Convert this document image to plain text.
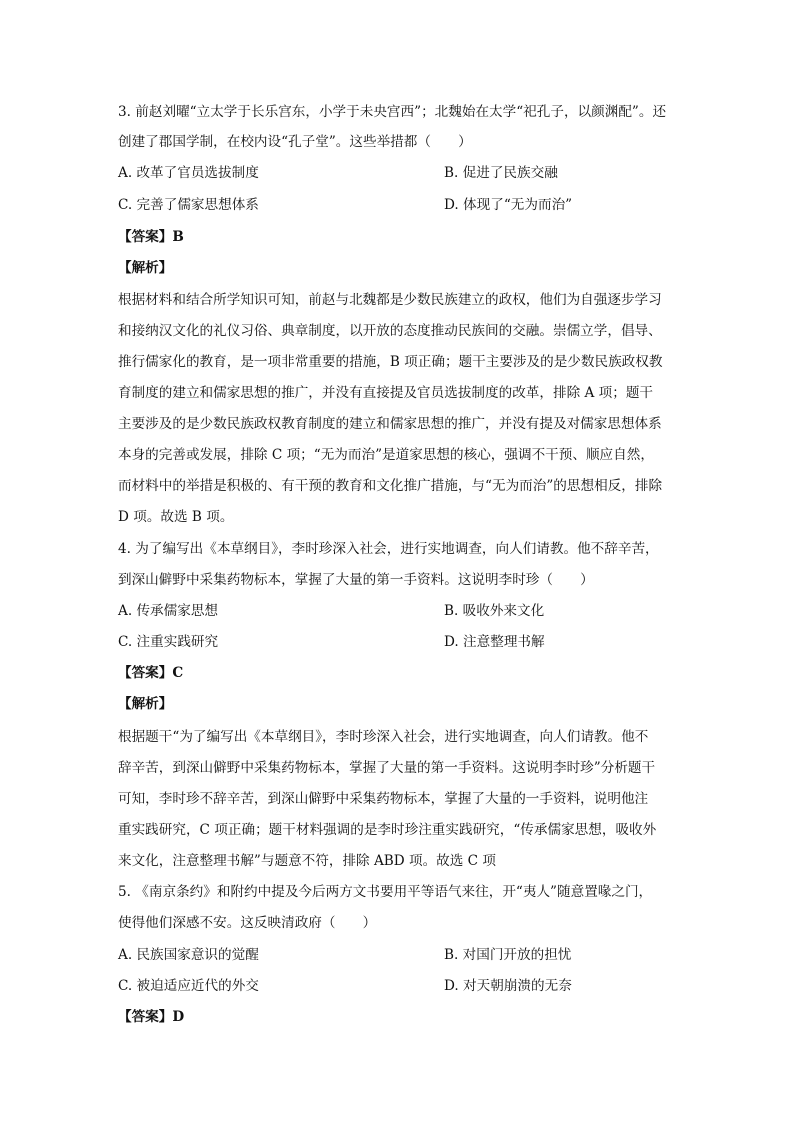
3. 前赵刘曜“立太学于长乐宫东，小学于未央宫西”；北魏始在太学“祀孔子，以颜渊配”。还
创建了郡国学制，在校内设“孔子堂”。这些举措都（　　）
A. 改革了官员选拔制度	B. 促进了民族交融
C. 完善了儒家思想体系	D. 体现了“无为而治”
【答案】B
【解析】
根据材料和结合所学知识可知，前赵与北魏都是少数民族建立的政权，他们为自强逐步学习
和接纳汉文化的礼仪习俗、典章制度，以开放的态度推动民族间的交融。崇儒立学，倡导、
推行儒家化的教育，是一项非常重要的措施，B 项正确；题干主要涉及的是少数民族政权教
育制度的建立和儒家思想的推广，并没有直接提及官员选拔制度的改革，排除 A 项；题干
主要涉及的是少数民族政权教育制度的建立和儒家思想的推广，并没有提及对儒家思想体系
本身的完善或发展，排除 C 项；“无为而治”是道家思想的核心，强调不干预、顺应自然，
而材料中的举措是积极的、有干预的教育和文化推广措施，与“无为而治”的思想相反，排除
D 项。故选 B 项。
4. 为了编写出《本草纲目》，李时珍深入社会，进行实地调查，向人们请教。他不辞辛苦，
到深山僻野中采集药物标本，掌握了大量的第一手资料。这说明李时珍（　　）
A. 传承儒家思想	B. 吸收外来文化
C. 注重实践研究	D. 注意整理书解
【答案】C
【解析】
根据题干“为了编写出《本草纲目》，李时珍深入社会，进行实地调查，向人们请教。他不
辞辛苦，到深山僻野中采集药物标本，掌握了大量的第一手资料。这说明李时珍”分析题干
可知，李时珍不辞辛苦，到深山僻野中采集药物标本，掌握了大量的一手资料，说明他注
重实践研究，C 项正确；题干材料强调的是李时珍注重实践研究，“传承儒家思想，吸收外
来文化，注意整理书解”与题意不符，排除 ABD 项。故选 C 项
5. 《南京条约》和附约中提及今后两方文书要用平等语气来往，开“夷人”随意置喙之门，
使得他们深感不安。这反映清政府（　　）
A. 民族国家意识的觉醒	B. 对国门开放的担忧
C. 被迫适应近代的外交	D. 对天朝崩溃的无奈
【答案】D
